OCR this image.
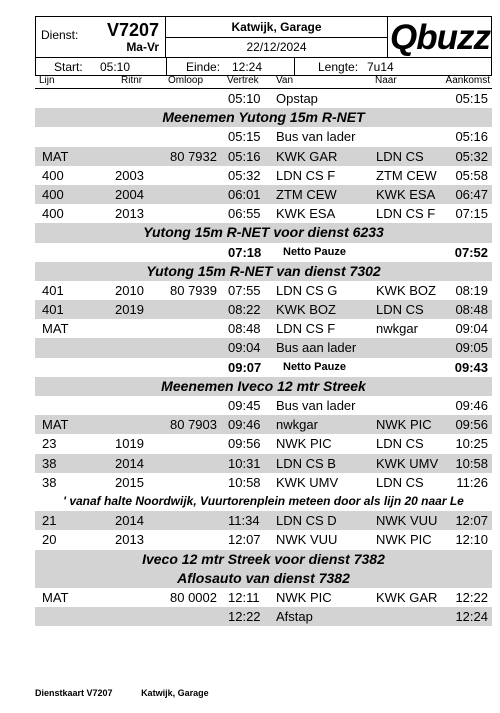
Dienst: V7207
Ma-Vr
Katwijk, Garage
22/12/2024	Qbuzz
Start: 05:10	Einde: 12:24	Lengte: 7u14
Lijn	Ritnr	Omloop Vertrek Van	Naar	Aankomst
05:10 Opstap	05:15
Meenemen Yutong 15m R-NET
05:15 Bus van lader	05:16
MAT	80 7932 05:16 KWK GAR	LDN CS 05:32
400	2003	05:32 LDN CS F	ZTM CEW 05:58
400	2004	06:01 ZTM CEW	KWK ESA 06:47
400	2013	06:55 KWK ESA	LDN CS F 07:15
Yutong 15m R-NET voor dienst 6233
07:18 Netto Pauze	07:52
Yutong 15m R-NET van dienst 7302
401	2010 80 7939 07:55 LDN CS G	KWK BOZ 08:19
401	2019	08:22 KWK BOZ	LDN CS 08:48
MAT	08:48 LDN CS F	nwkgar	09:04
09:04 Bus aan lader	09:05
09:07 Netto Pauze	09:43
Meenemen Iveco 12 mtr Streek
09:45 Bus van lader	09:46
MAT	80 7903 09:46 nwkgar	NWK PIC 09:56
23	1019	09:56 NWK PIC	LDN CS 10:25
38	2014	10:31 LDN CS B	KWK UMV 10:58
38	2015	10:58 KWK UMV	LDN CS	11:26
' vanaf halte Noordwijk, Vuurtorenplein meteen door als lijn 20 naar Le
21	2014	11:34 LDN CS D	NWK VUU 12:07
20	2013	12:07 NWK VUU	NWK PIC 12:10
Iveco 12 mtr Streek voor dienst 7382
Aflosauto van dienst 7382
MAT	80 0002 12:11 NWK PIC	KWK GAR 12:22
12:22 Afstap	12:24
Dienstkaart V7207	Katwijk, Garage
